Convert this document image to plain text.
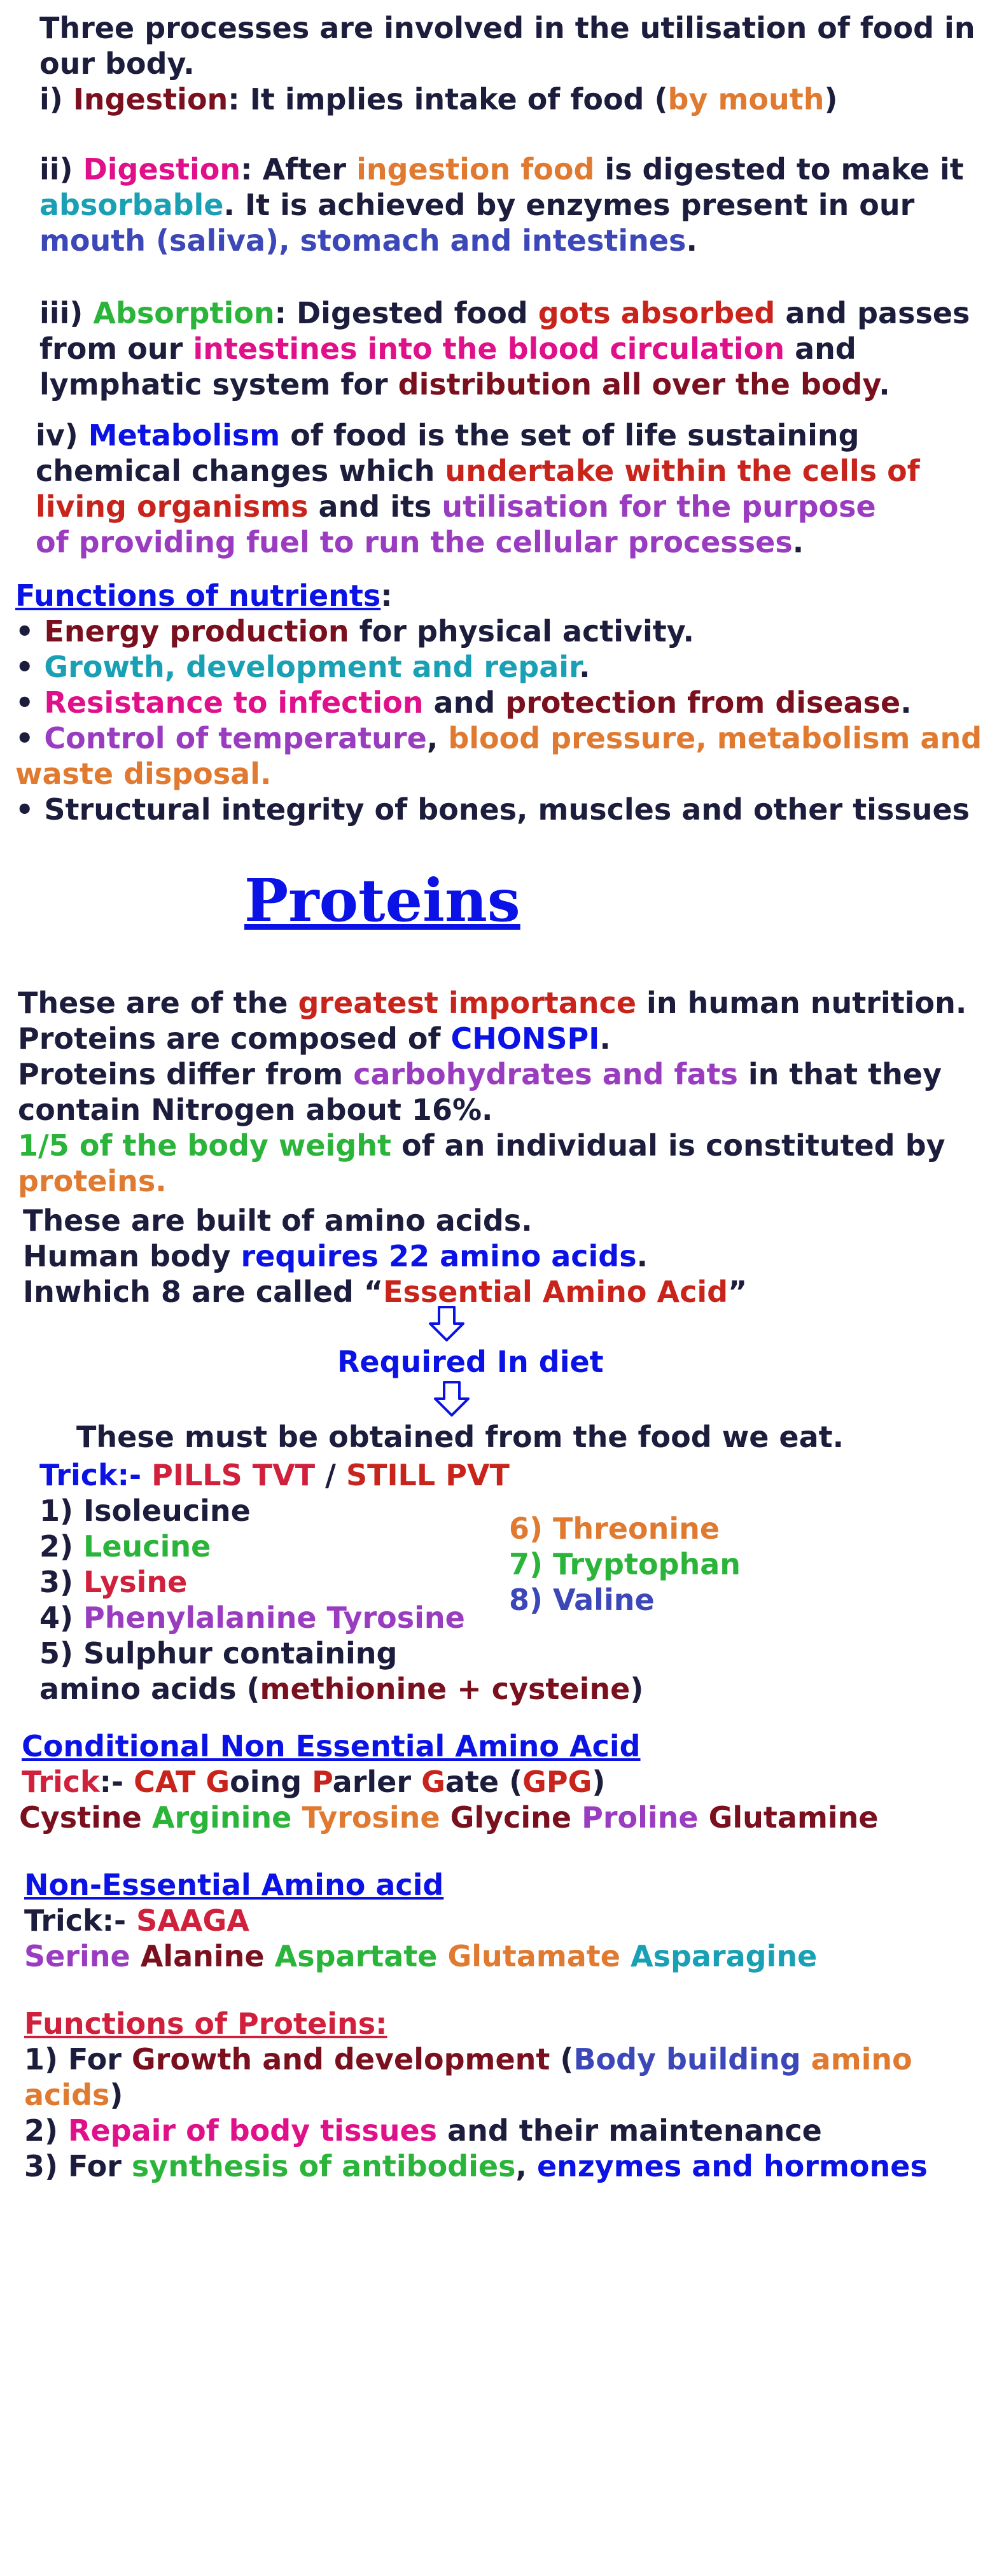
Three processes are involved in the utilisation of food in
our body.
i) Ingestion: It implies intake of food (by mouth)
ii) Digestion: After ingestion food is digested to make it
absorbable. It is achieved by enzymes present in our
mouth (saliva), stomach and intestines.
iii) Absorption: Digested food gots absorbed and passes
from our intestines into the blood circulation and
lymphatic system for distribution all over the body.
iv) Metabolism of food is the set of life sustaining
chemical changes which undertake within the cells of
living organisms and its utilisation for the purpose
of providing fuel to run the cellular processes.
Functions of nutrients:
• Energy production for physical activity.
• Growth, development and repair.
• Resistance to infection and protection from disease.
• Control of temperature, blood pressure, metabolism and
waste disposal.
• Structural integrity of bones, muscles and other tissues
Proteins
These are of the greatest importance in human nutrition.
Proteins are composed of CHONSPI.
Proteins differ from carbohydrates and fats in that they
contain Nitrogen about 16%.
1/5 of the body weight of an individual is constituted by
proteins.
These are built of amino acids.
Human body requires 22 amino acids.
Inwhich 8 are called “Essential Amino Acid”
Required In diet
These must be obtained from the food we eat.
Trick:- PILLS TVT / STILL PVT
1) Isoleucine
2) Leucine
3) Lysine
4) Phenylalanine Tyrosine
5) Sulphur containing
amino acids (methionine + cysteine)
6) Threonine
7) Tryptophan
8) Valine
Conditional Non Essential Amino Acid
Trick:- CAT Going Parler Gate (GPG)
Cystine Arginine Tyrosine Glycine Proline Glutamine
Non-Essential Amino acid
Trick:- SAAGA
Serine Alanine Aspartate Glutamate Asparagine
Functions of Proteins:
1) For Growth and development (Body building amino
acids)
2) Repair of body tissues and their maintenance
3) For synthesis of antibodies, enzymes and hormones
